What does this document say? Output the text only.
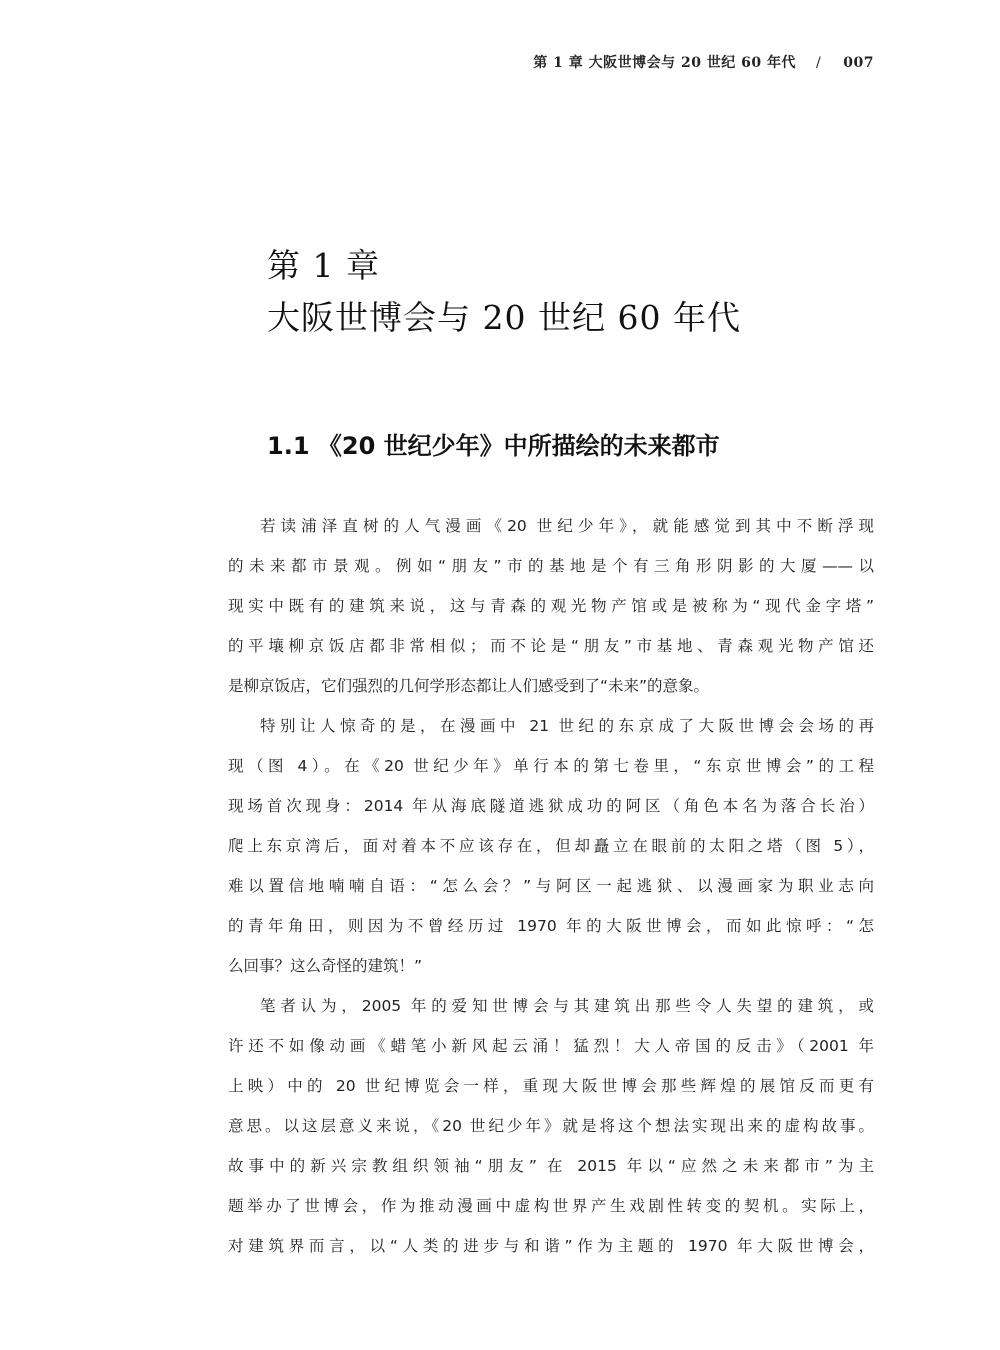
第 1 章 大阪世博会与 20 世纪 60 年代 / 007
第 1 章
大阪世博会与 20 世纪 60 年代
1.1 《20 世纪少年》中所描绘的未来都市
若读浦泽直树的人气漫画《20 世纪少年》，就能感觉到其中不断浮现
的未来都市景观。例如“朋友”市的基地是个有三角形阴影的大厦——以
现实中既有的建筑来说，这与青森的观光物产馆或是被称为“现代金字塔”
的平壤柳京饭店都非常相似；而不论是“朋友”市基地、青森观光物产馆还
是柳京饭店，它们强烈的几何学形态都让人们感受到了“未来”的意象。
特别让人惊奇的是，在漫画中 21 世纪的东京成了大阪世博会会场的再
现（图 4）。在《20 世纪少年》单行本的第七卷里，“东京世博会”的工程
现场首次现身：2014 年从海底隧道逃狱成功的阿区（角色本名为落合长治）
爬上东京湾后，面对着本不应该存在，但却矗立在眼前的太阳之塔（图 5），
难以置信地喃喃自语：“怎么会？”与阿区一起逃狱、以漫画家为职业志向
的青年角田，则因为不曾经历过 1970 年的大阪世博会，而如此惊呼：“怎
么回事？这么奇怪的建筑！”
笔者认为，2005 年的爱知世博会与其建筑出那些令人失望的建筑，或
许还不如像动画《蜡笔小新风起云涌！猛烈！大人帝国的反击》（2001 年
上映）中的 20 世纪博览会一样，重现大阪世博会那些辉煌的展馆反而更有
意思。以这层意义来说，《20 世纪少年》就是将这个想法实现出来的虚构故事。
故事中的新兴宗教组织领袖“朋友” 在 2015 年以“应然之未来都市”为主
题举办了世博会，作为推动漫画中虚构世界产生戏剧性转变的契机。实际上，
对建筑界而言，以“人类的进步与和谐”作为主题的 1970 年大阪世博会，
